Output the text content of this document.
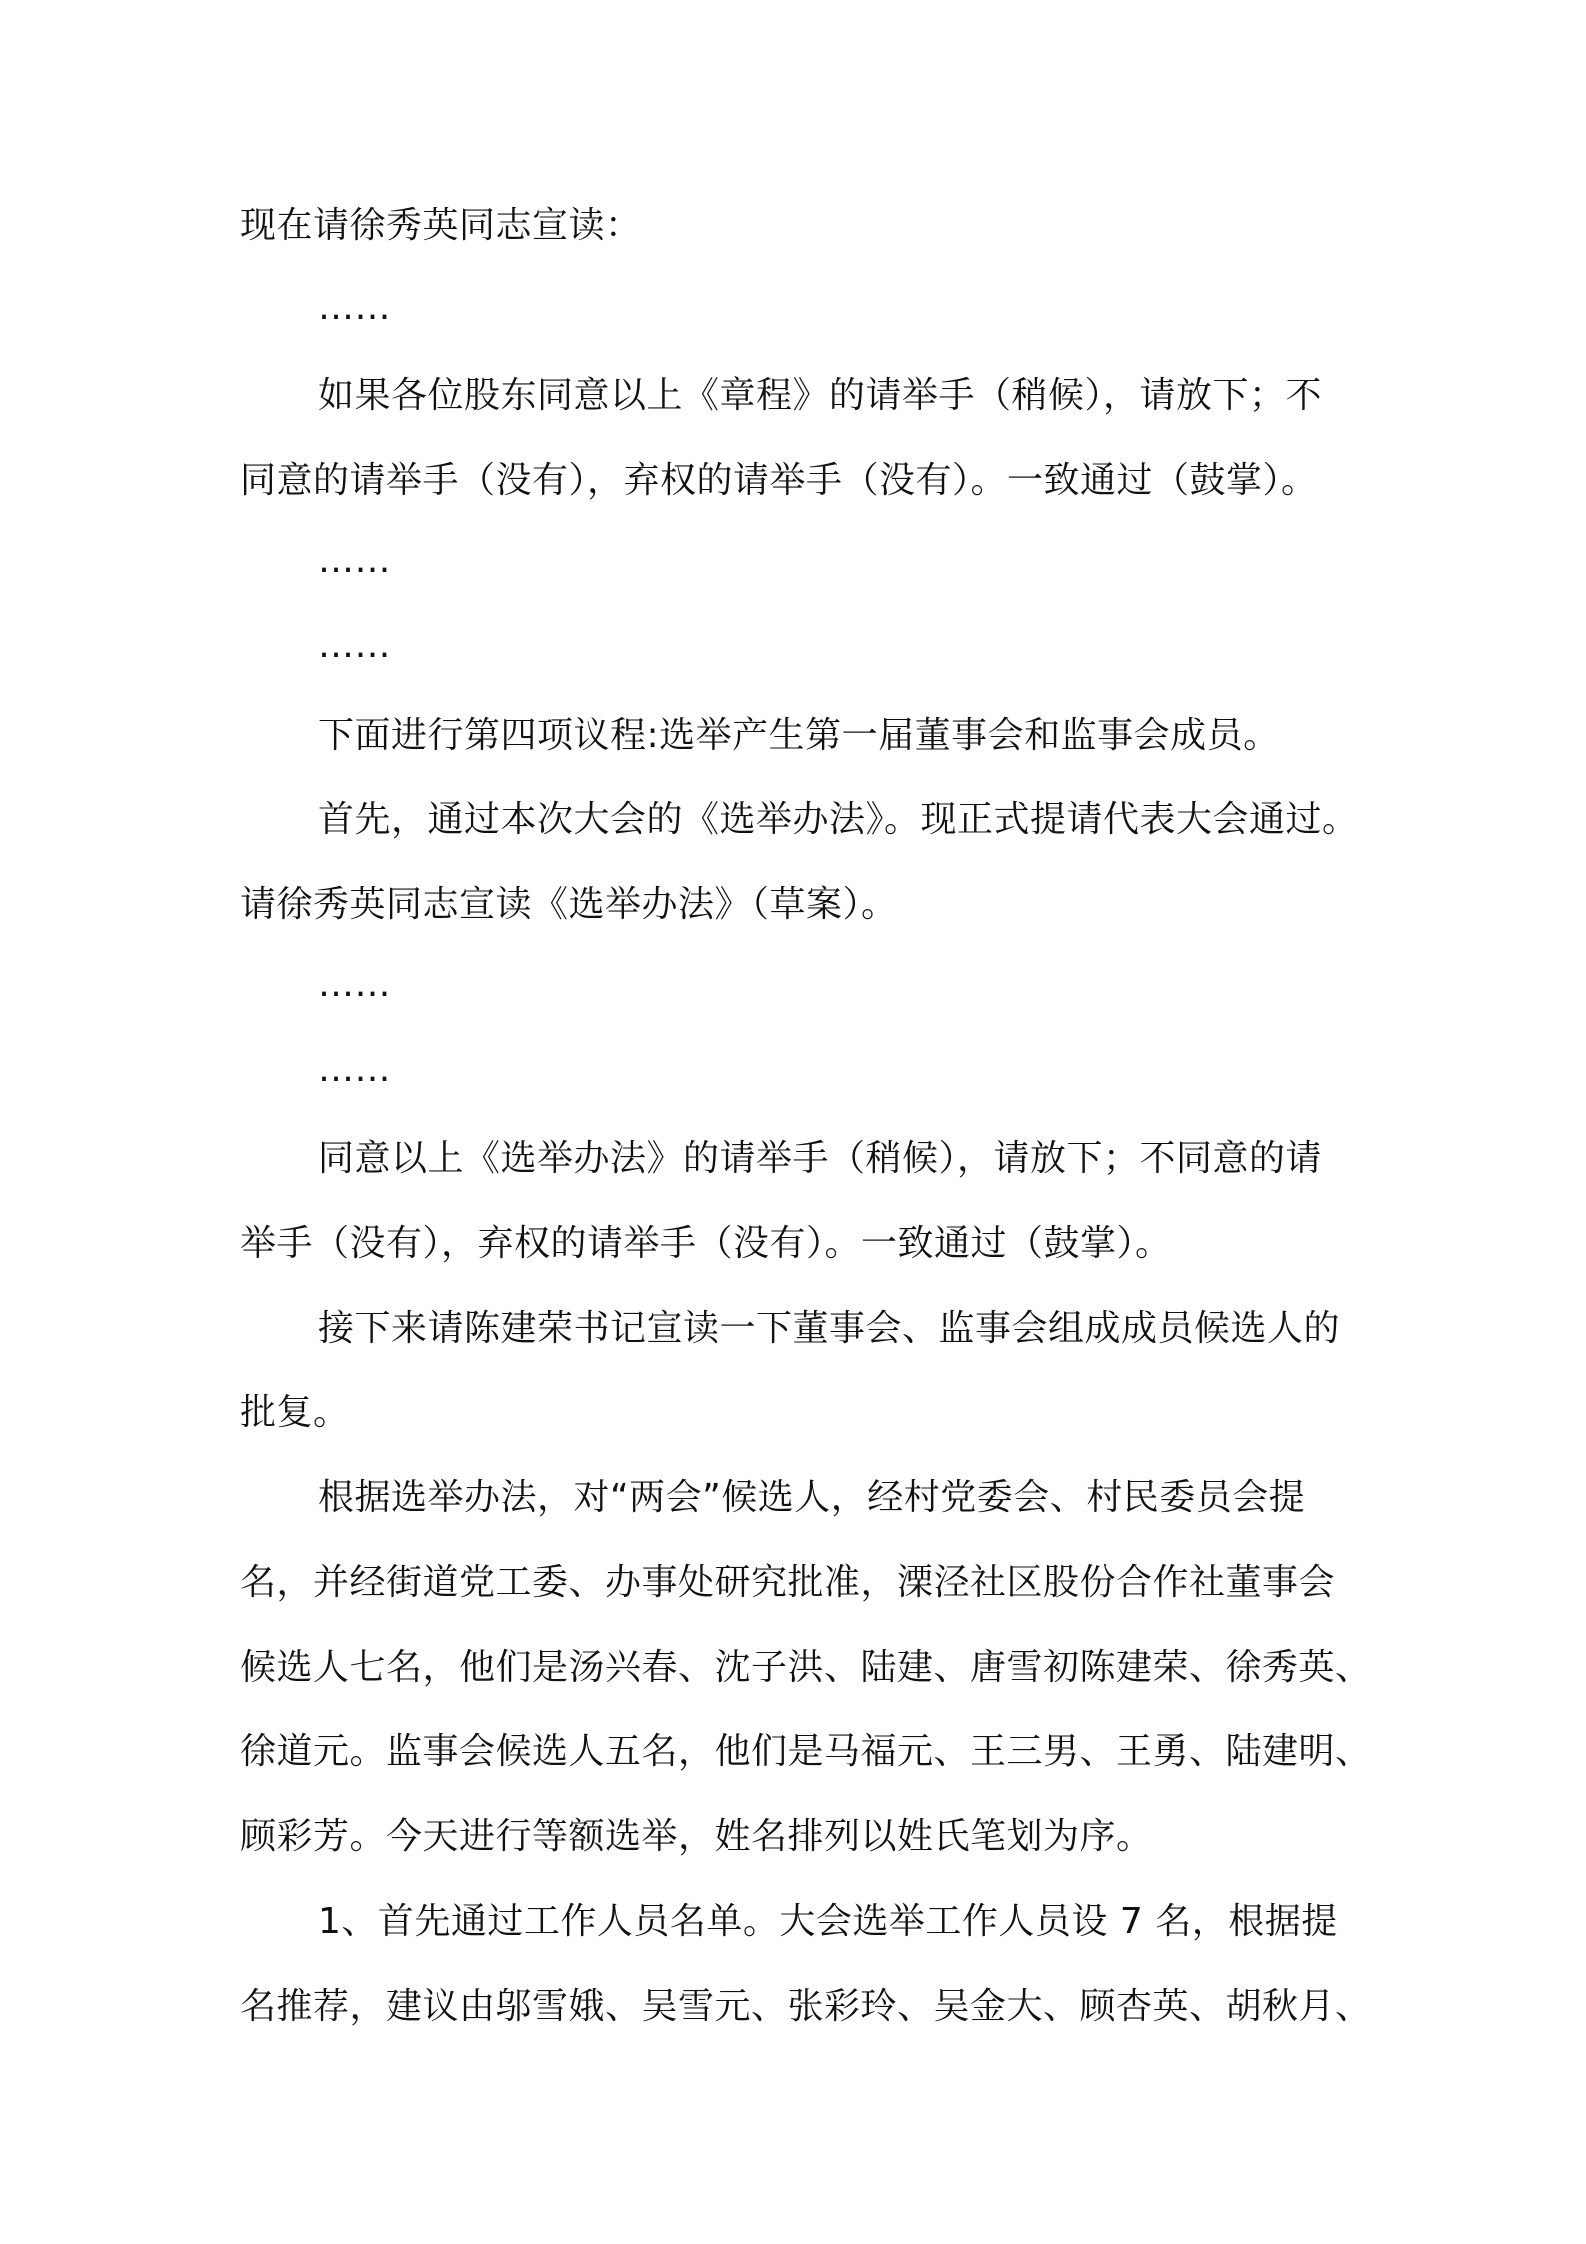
现在请徐秀英同志宣读：
……
如果各位股东同意以上《章程》的请举手（稍候），请放下；不
同意的请举手（没有），弃权的请举手（没有）。一致通过（鼓掌）。
……
……
下面进行第四项议程:选举产生第一届董事会和监事会成员。
首先，通过本次大会的《选举办法》。现正式提请代表大会通过。
请徐秀英同志宣读《选举办法》（草案）。
……
……
同意以上《选举办法》的请举手（稍候），请放下；不同意的请
举手（没有），弃权的请举手（没有）。一致通过（鼓掌）。
接下来请陈建荣书记宣读一下董事会、监事会组成成员候选人的
批复。
根据选举办法，对“两会”候选人，经村党委会、村民委员会提
名，并经街道党工委、办事处研究批准，溧泾社区股份合作社董事会
候选人七名，他们是汤兴春、沈子洪、陆建、唐雪初陈建荣、徐秀英、
徐道元。监事会候选人五名，他们是马福元、王三男、王勇、陆建明、
顾彩芳。今天进行等额选举，姓名排列以姓氏笔划为序。
1、首先通过工作人员名单。大会选举工作人员设 7 名，根据提
名推荐，建议由邬雪娥、吴雪元、张彩玲、吴金大、顾杏英、胡秋月、
